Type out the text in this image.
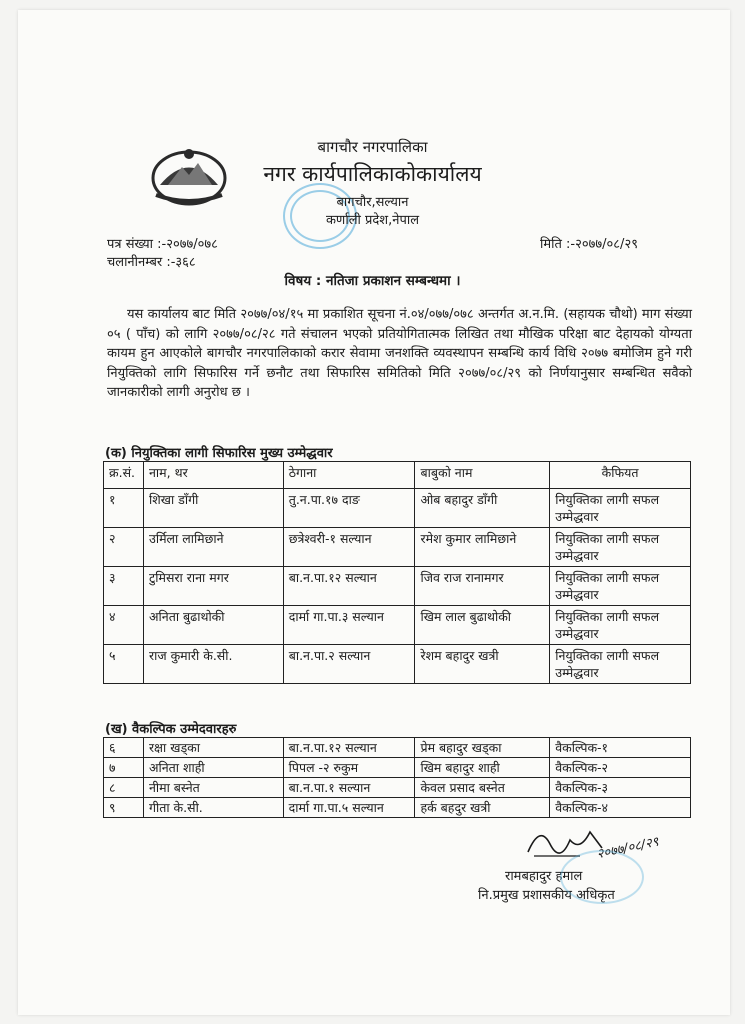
बागचौर नगरपालिका
नगर कार्यपालिकाकोकार्यालय
बागचौर,सल्यान
कर्णाली प्रदेश,नेपाल
पत्र संख्या :-२०७७/०७८
चलानीनम्बर :-३६८
मिति :-२०७७/०८/२९
विषय : नतिजा प्रकाशन सम्बन्धमा ।
यस कार्यालय बाट मिति २०७७/०४/१५ मा प्रकाशित सूचना नं.०४/०७७/०७८ अन्तर्गत अ.न.मि. (सहायक चौथो) माग संख्या ०५ ( पाँच) को लागि २०७७/०८/२८ गते संचालन भएको प्रतियोगितात्मक लिखित तथा मौखिक परिक्षा बाट देहायको योग्यता कायम हुन आएकोले बागचौर नगरपालिकाको करार सेवामा जनशक्ति व्यवस्थापन सम्बन्धि कार्य विधि २०७७ बमोजिम हुने गरी नियुक्तिको लागि सिफारिस गर्ने छनौट तथा सिफारिस समितिको मिति २०७७/०८/२९ को निर्णयानुसार सम्बन्धित सवैको जानकारीको लागी अनुरोध छ ।
(क) नियुक्तिका लागी सिफारिस मुख्य उम्मेद्धवार
क्र.सं.	नाम, थर	ठेगाना	बाबुको नाम	कैफियत
१	शिखा डाँगी	तु.न.पा.१७ दाङ	ओब बहादुर डाँगी	नियुक्तिका लागी सफल उम्मेद्धवार
२	उर्मिला लामिछाने	छत्रेश्वरी-१ सल्यान	रमेश कुमार लामिछाने	नियुक्तिका लागी सफल उम्मेद्धवार
३	टुमिसरा राना मगर	बा.न.पा.१२ सल्यान	जिव राज रानामगर	नियुक्तिका लागी सफल उम्मेद्धवार
४	अनिता बुढाथोकी	दार्मा गा.पा.३ सल्यान	खिम लाल बुढाथोकी	नियुक्तिका लागी सफल उम्मेद्धवार
५	राज कुमारी के.सी.	बा.न.पा.२ सल्यान	रेशम बहादुर खत्री	नियुक्तिका लागी सफल उम्मेद्धवार
(ख) वैकल्पिक उम्मेदवारहरु
६	रक्षा खड्का	बा.न.पा.१२ सल्यान	प्रेम बहादुर खड्का	वैकल्पिक-१
७	अनिता शाही	पिपल -२ रुकुम	खिम बहादुर शाही	वैकल्पिक-२
८	नीमा बस्नेत	बा.न.पा.१ सल्यान	केवल प्रसाद बस्नेत	वैकल्पिक-३
९	गीता के.सी.	दार्मा गा.पा.५ सल्यान	हर्क बहदुर खत्री	वैकल्पिक-४
२०७७/०८/२९
रामबहादुर हमाल
नि.प्रमुख प्रशासकीय अधिकृत
